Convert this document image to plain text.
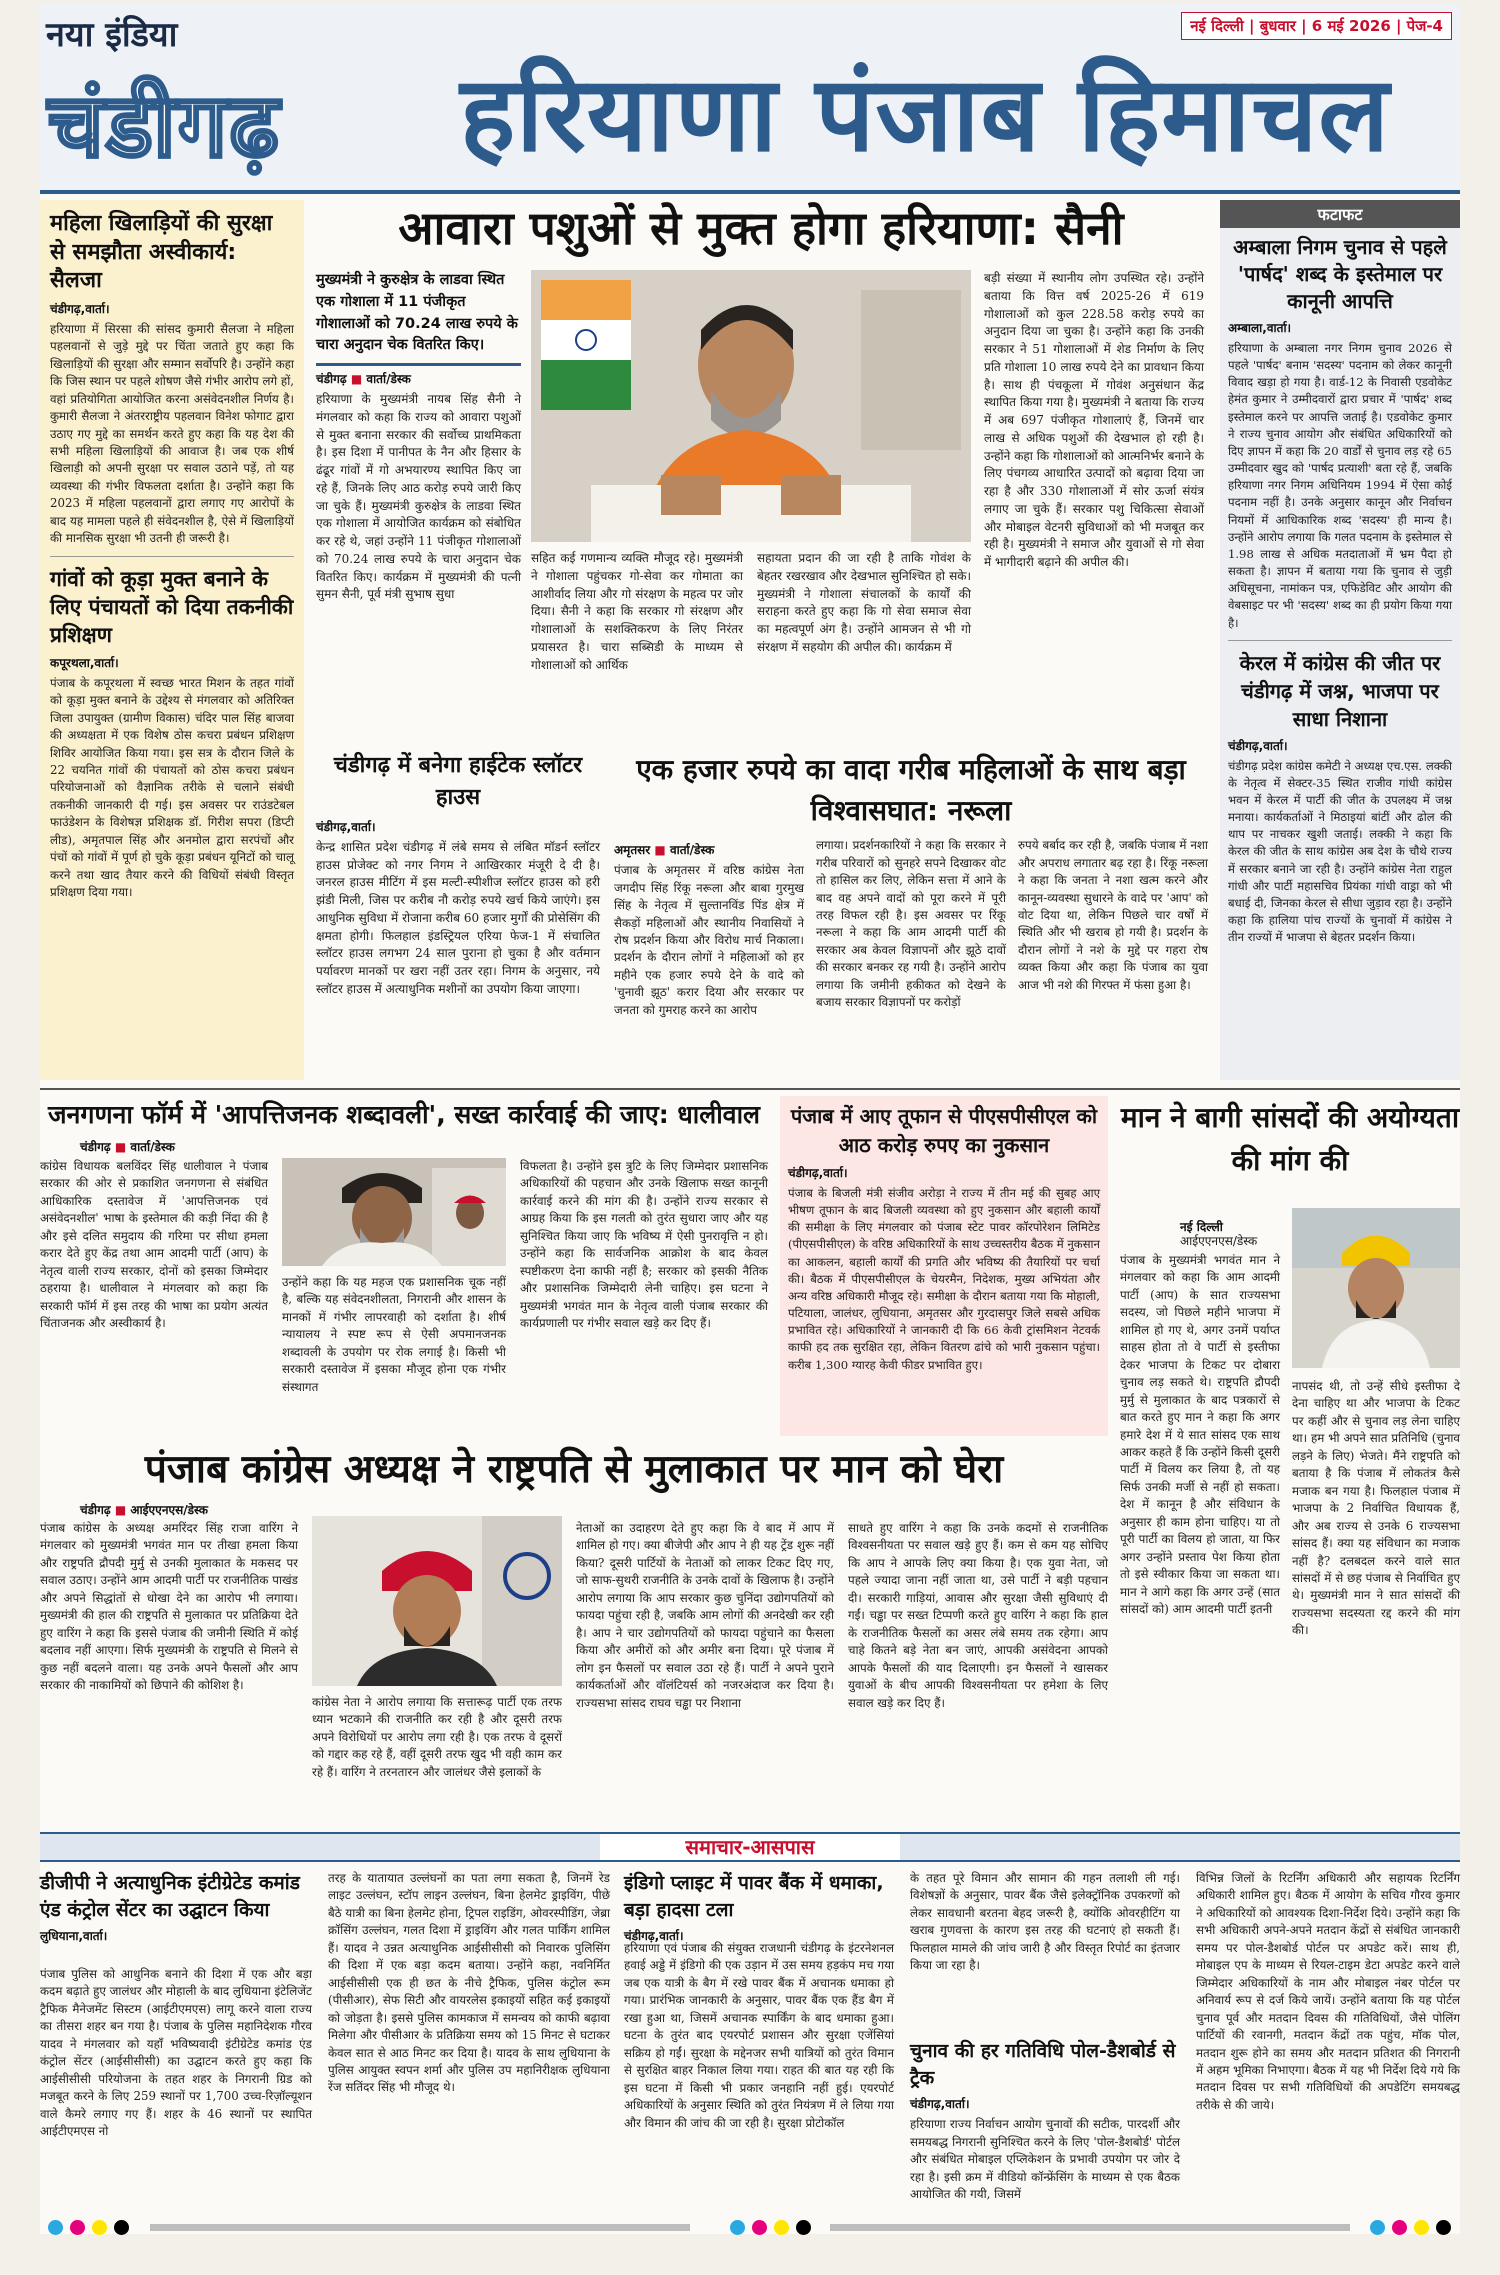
नया इंडिया
चंडीगढ़	हरियाणा पंजाब हिमाचल
नई दिल्ली | बुधवार | 6 मई 2026 | पेज-4
महिला खिलाड़ियों की सुरक्षा से समझौता अस्वीकार्य: सैलजा
चंडीगढ़,वार्ता।
हरियाणा में सिरसा की सांसद कुमारी सैलजा ने महिला पहलवानों से जुड़े मुद्दे पर चिंता जताते हुए कहा कि खिलाड़ियों की सुरक्षा और सम्मान सर्वोपरि है। उन्होंने कहा कि जिस स्थान पर पहले शोषण जैसे गंभीर आरोप लगे हों, वहां प्रतियोगिता आयोजित करना असंवेदनशील निर्णय है। कुमारी सैलजा ने अंतरराष्ट्रीय पहलवान विनेश फोगाट द्वारा उठाए गए मुद्दे का समर्थन करते हुए कहा कि यह देश की सभी महिला खिलाड़ियों की आवाज है। जब एक शीर्ष खिलाड़ी को अपनी सुरक्षा पर सवाल उठाने पड़ें, तो यह व्यवस्था की गंभीर विफलता दर्शाता है। उन्होंने कहा कि 2023 में महिला पहलवानों द्वारा लगाए गए आरोपों के बाद यह मामला पहले ही संवेदनशील है, ऐसे में खिलाड़ियों की मानसिक सुरक्षा भी उतनी ही जरूरी है।
गांवों को कूड़ा मुक्त बनाने के लिए पंचायतों को दिया तकनीकी प्रशिक्षण
कपूरथला,वार्ता।
पंजाब के कपूरथला में स्वच्छ भारत मिशन के तहत गांवों को कूड़ा मुक्त बनाने के उद्देश्य से मंगलवार को अतिरिक्त जिला उपायुक्त (ग्रामीण विकास) चंदिर पाल सिंह बाजवा की अध्यक्षता में एक विशेष ठोस कचरा प्रबंधन प्रशिक्षण शिविर आयोजित किया गया। इस सत्र के दौरान जिले के 22 चयनित गांवों की पंचायतों को ठोस कचरा प्रबंधन परियोजनाओं को वैज्ञानिक तरीके से चलाने संबंधी तकनीकी जानकारी दी गई। इस अवसर पर राउंडटेबल फाउंडेशन के विशेषज्ञ प्रशिक्षक डॉ. गिरीश सपरा (डिप्टी लीड), अमृतपाल सिंह और अनमोल द्वारा सरपंचों और पंचों को गांवों में पूर्ण हो चुके कूड़ा प्रबंधन यूनिटों को चालू करने तथा खाद तैयार करने की विधियों संबंधी विस्तृत प्रशिक्षण दिया गया।
आवारा पशुओं से मुक्त होगा हरियाणा: सैनी
मुख्यमंत्री ने कुरुक्षेत्र के लाडवा स्थित एक गोशाला में 11 पंजीकृत गोशालाओं को 70.24 लाख रुपये के चारा अनुदान चेक वितरित किए।
चंडीगढ़ ■ वार्ता/डेस्क
हरियाणा के मुख्यमंत्री नायब सिंह सैनी ने मंगलवार को कहा कि राज्य को आवारा पशुओं से मुक्त बनाना सरकार की सर्वोच्च प्राथमिकता है। इस दिशा में पानीपत के नैन और हिसार के ढंढूर गांवों में गो अभयारण्य स्थापित किए जा रहे हैं, जिनके लिए आठ करोड़ रुपये जारी किए जा चुके हैं। मुख्यमंत्री कुरुक्षेत्र के लाडवा स्थित एक गोशाला में आयोजित कार्यक्रम को संबोधित कर रहे थे, जहां उन्होंने 11 पंजीकृत गोशालाओं को 70.24 लाख रुपये के चारा अनुदान चेक वितरित किए। कार्यक्रम में मुख्यमंत्री की पत्नी सुमन सैनी, पूर्व मंत्री सुभाष सुधा
सहित कई गणमान्य व्यक्ति मौजूद रहे। मुख्यमंत्री ने गोशाला पहुंचकर गो-सेवा कर गोमाता का आशीर्वाद लिया और गो संरक्षण के महत्व पर जोर दिया। सैनी ने कहा कि सरकार गो संरक्षण और गोशालाओं के सशक्तिकरण के लिए निरंतर प्रयासरत है। चारा सब्सिडी के माध्यम से गोशालाओं को आर्थिक
सहायता प्रदान की जा रही है ताकि गोवंश के बेहतर रखरखाव और देखभाल सुनिश्चित हो सके। मुख्यमंत्री ने गोशाला संचालकों के कार्यों की सराहना करते हुए कहा कि गो सेवा समाज सेवा का महत्वपूर्ण अंग है। उन्होंने आमजन से भी गो संरक्षण में सहयोग की अपील की। कार्यक्रम में
बड़ी संख्या में स्थानीय लोग उपस्थित रहे। उन्होंने बताया कि वित्त वर्ष 2025-26 में 619 गोशालाओं को कुल 228.58 करोड़ रुपये का अनुदान दिया जा चुका है। उन्होंने कहा कि उनकी सरकार ने 51 गोशालाओं में शेड निर्माण के लिए प्रति गोशाला 10 लाख रुपये देने का प्रावधान किया है। साथ ही पंचकूला में गोवंश अनुसंधान केंद्र स्थापित किया गया है। मुख्यमंत्री ने बताया कि राज्य में अब 697 पंजीकृत गोशालाएं हैं, जिनमें चार लाख से अधिक पशुओं की देखभाल हो रही है। उन्होंने कहा कि गोशालाओं को आत्मनिर्भर बनाने के लिए पंचगव्य आधारित उत्पादों को बढ़ावा दिया जा रहा है और 330 गोशालाओं में सोर ऊर्जा संयंत्र लगाए जा चुके हैं। सरकार पशु चिकित्सा सेवाओं और मोबाइल वेटनरी सुविधाओं को भी मजबूत कर रही है। मुख्यमंत्री ने समाज और युवाओं से गो सेवा में भागीदारी बढ़ाने की अपील की।
चंडीगढ़ में बनेगा हाईटेक स्लॉटर हाउस
चंडीगढ़,वार्ता।
केन्द्र शासित प्रदेश चंडीगढ़ में लंबे समय से लंबित मॉडर्न स्लॉटर हाउस प्रोजेक्ट को नगर निगम ने आखिरकार मंजूरी दे दी है। जनरल हाउस मीटिंग में इस मल्टी-स्पीशीज स्लॉटर हाउस को हरी झंडी मिली, जिस पर करीब नौ करोड़ रुपये खर्च किये जाएंगे। इस आधुनिक सुविधा में रोजाना करीब 60 हजार मुर्गों की प्रोसेसिंग की क्षमता होगी। फिलहाल इंडस्ट्रियल एरिया फेज-1 में संचालित स्लॉटर हाउस लगभग 24 साल पुराना हो चुका है और वर्तमान पर्यावरण मानकों पर खरा नहीं उतर रहा। निगम के अनुसार, नये स्लॉटर हाउस में अत्याधुनिक मशीनों का उपयोग किया जाएगा।
एक हजार रुपये का वादा गरीब महिलाओं के साथ बड़ा विश्वासघात: नरूला
अमृतसर ■ वार्ता/डेस्क
पंजाब के अमृतसर में वरिष्ठ कांग्रेस नेता जगदीप सिंह रिंकू नरूला और बाबा गुरमुख सिंह के नेतृत्व में सुल्तानविंड पिंड क्षेत्र में सैकड़ों महिलाओं और स्थानीय निवासियों ने रोष प्रदर्शन किया और विरोध मार्च निकाला। प्रदर्शन के दौरान लोगों ने महिलाओं को हर महीने एक हजार रुपये देने के वादे को 'चुनावी झूठ' करार दिया और सरकार पर जनता को गुमराह करने का आरोप
लगाया। प्रदर्शनकारियों ने कहा कि सरकार ने गरीब परिवारों को सुनहरे सपने दिखाकर वोट तो हासिल कर लिए, लेकिन सत्ता में आने के बाद वह अपने वादों को पूरा करने में पूरी तरह विफल रही है। इस अवसर पर रिंकू नरूला ने कहा कि आम आदमी पार्टी की सरकार अब केवल विज्ञापनों और झूठे दावों की सरकार बनकर रह गयी है। उन्होंने आरोप लगाया कि जमीनी हकीकत को देखने के बजाय सरकार विज्ञापनों पर करोड़ों
रुपये बर्बाद कर रही है, जबकि पंजाब में नशा और अपराध लगातार बढ़ रहा है। रिंकू नरूला ने कहा कि जनता ने नशा खत्म करने और कानून-व्यवस्था सुधारने के वादे पर 'आप' को वोट दिया था, लेकिन पिछले चार वर्षों में स्थिति और भी खराब हो गयी है। प्रदर्शन के दौरान लोगों ने नशे के मुद्दे पर गहरा रोष व्यक्त किया और कहा कि पंजाब का युवा आज भी नशे की गिरफ्त में फंसा हुआ है।
फटाफट
अम्बाला निगम चुनाव से पहले 'पार्षद' शब्द के इस्तेमाल पर कानूनी आपत्ति
अम्बाला,वार्ता।
हरियाणा के अम्बाला नगर निगम चुनाव 2026 से पहले 'पार्षद' बनाम 'सदस्य' पदनाम को लेकर कानूनी विवाद खड़ा हो गया है। वार्ड-12 के निवासी एडवोकेट हेमंत कुमार ने उम्मीदवारों द्वारा प्रचार में 'पार्षद' शब्द इस्तेमाल करने पर आपत्ति जताई है। एडवोकेट कुमार ने राज्य चुनाव आयोग और संबंधित अधिकारियों को दिए ज्ञापन में कहा कि 20 वार्डों से चुनाव लड़ रहे 65 उम्मीदवार खुद को 'पार्षद प्रत्याशी' बता रहे हैं, जबकि हरियाणा नगर निगम अधिनियम 1994 में ऐसा कोई पदनाम नहीं है। उनके अनुसार कानून और निर्वाचन नियमों में आधिकारिक शब्द 'सदस्य' ही मान्य है। उन्होंने आरोप लगाया कि गलत पदनाम के इस्तेमाल से 1.98 लाख से अधिक मतदाताओं में भ्रम पैदा हो सकता है। ज्ञापन में बताया गया कि चुनाव से जुड़ी अधिसूचना, नामांकन पत्र, एफिडेविट और आयोग की वेबसाइट पर भी 'सदस्य' शब्द का ही प्रयोग किया गया है।
केरल में कांग्रेस की जीत पर चंडीगढ़ में जश्न, भाजपा पर साधा निशाना
चंडीगढ़,वार्ता।
चंडीगढ़ प्रदेश कांग्रेस कमेटी ने अध्यक्ष एच.एस. लक्की के नेतृत्व में सेक्टर-35 स्थित राजीव गांधी कांग्रेस भवन में केरल में पार्टी की जीत के उपलक्ष्य में जश्न मनाया। कार्यकर्ताओं ने मिठाइयां बांटीं और ढोल की थाप पर नाचकर खुशी जताई। लक्की ने कहा कि केरल की जीत के साथ कांग्रेस अब देश के चौथे राज्य में सरकार बनाने जा रही है। उन्होंने कांग्रेस नेता राहुल गांधी और पार्टी महासचिव प्रियंका गांधी वाड्रा को भी बधाई दी, जिनका केरल से सीधा जुड़ाव रहा है। उन्होंने कहा कि हालिया पांच राज्यों के चुनावों में कांग्रेस ने तीन राज्यों में भाजपा से बेहतर प्रदर्शन किया।
जनगणना फॉर्म में 'आपत्तिजनक शब्दावली', सख्त कार्रवाई की जाए: धालीवाल
चंडीगढ़ ■ वार्ता/डेस्क
कांग्रेस विधायक बलविंदर सिंह धालीवाल ने पंजाब सरकार की ओर से प्रकाशित जनगणना से संबंधित आधिकारिक दस्तावेज में 'आपत्तिजनक एवं असंवेदनशील' भाषा के इस्तेमाल की कड़ी निंदा की है और इसे दलित समुदाय की गरिमा पर सीधा हमला करार देते हुए केंद्र तथा आम आदमी पार्टी (आप) के नेतृत्व वाली राज्य सरकार, दोनों को इसका जिम्मेदार ठहराया है। धालीवाल ने मंगलवार को कहा कि सरकारी फॉर्म में इस तरह की भाषा का प्रयोग अत्यंत चिंताजनक और अस्वीकार्य है।
उन्होंने कहा कि यह महज एक प्रशासनिक चूक नहीं है, बल्कि यह संवेदनशीलता, निगरानी और शासन के मानकों में गंभीर लापरवाही को दर्शाता है। शीर्ष न्यायालय ने स्पष्ट रूप से ऐसी अपमानजनक शब्दावली के उपयोग पर रोक लगाई है। किसी भी सरकारी दस्तावेज में इसका मौजूद होना एक गंभीर संस्थागत
विफलता है। उन्होंने इस त्रुटि के लिए जिम्मेदार प्रशासनिक अधिकारियों की पहचान और उनके खिलाफ सख्त कानूनी कार्रवाई करने की मांग की है। उन्होंने राज्य सरकार से आग्रह किया कि इस गलती को तुरंत सुधारा जाए और यह सुनिश्चित किया जाए कि भविष्य में ऐसी पुनरावृत्ति न हो। उन्होंने कहा कि सार्वजनिक आक्रोश के बाद केवल स्पष्टीकरण देना काफी नहीं है; सरकार को इसकी नैतिक और प्रशासनिक जिम्मेदारी लेनी चाहिए। इस घटना ने मुख्यमंत्री भगवंत मान के नेतृत्व वाली पंजाब सरकार की कार्यप्रणाली पर गंभीर सवाल खड़े कर दिए हैं।
पंजाब में आए तूफान से पीएसपीसीएल को आठ करोड़ रुपए का नुकसान
चंडीगढ़,वार्ता।
पंजाब के बिजली मंत्री संजीव अरोड़ा ने राज्य में तीन मई की सुबह आए भीषण तूफान के बाद बिजली व्यवस्था को हुए नुकसान और बहाली कार्यों की समीक्षा के लिए मंगलवार को पंजाब स्टेट पावर कॉरपोरेशन लिमिटेड (पीएसपीसीएल) के वरिष्ठ अधिकारियों के साथ उच्चस्तरीय बैठक में नुकसान का आकलन, बहाली कार्यों की प्रगति और भविष्य की तैयारियों पर चर्चा की। बैठक में पीएसपीसीएल के चेयरमैन, निदेशक, मुख्य अभियंता और अन्य वरिष्ठ अधिकारी मौजूद रहे। समीक्षा के दौरान बताया गया कि मोहाली, पटियाला, जालंधर, लुधियाना, अमृतसर और गुरदासपुर जिले सबसे अधिक प्रभावित रहे। अधिकारियों ने जानकारी दी कि 66 केवी ट्रांसमिशन नेटवर्क काफी हद तक सुरक्षित रहा, लेकिन वितरण ढांचे को भारी नुकसान पहुंचा। करीब 1,300 ग्यारह केवी फीडर प्रभावित हुए।
मान ने बागी सांसदों की अयोग्यता की मांग की
नई दिल्ली
आईएएनएस/डेस्क
पंजाब के मुख्यमंत्री भगवंत मान ने मंगलवार को कहा कि आम आदमी पार्टी (आप) के सात राज्यसभा सदस्य, जो पिछले महीने भाजपा में शामिल हो गए थे, अगर उनमें पर्याप्त साहस होता तो वे पार्टी से इस्तीफा देकर भाजपा के टिकट पर दोबारा चुनाव लड़ सकते थे। राष्ट्रपति द्रौपदी मुर्मु से मुलाकात के बाद पत्रकारों से बात करते हुए मान ने कहा कि अगर हमारे देश में ये सात सांसद एक साथ आकर कहते हैं कि उन्होंने किसी दूसरी पार्टी में विलय कर लिया है, तो यह सिर्फ उनकी मर्जी से नहीं हो सकता। देश में कानून है और संविधान के अनुसार ही काम होना चाहिए। या तो पूरी पार्टी का विलय हो जाता, या फिर अगर उन्होंने प्रस्ताव पेश किया होता तो इसे स्वीकार किया जा सकता था। मान ने आगे कहा कि अगर उन्हें (सात सांसदों को) आम आदमी पार्टी इतनी
नापसंद थी, तो उन्हें सीधे इस्तीफा दे देना चाहिए था और भाजपा के टिकट पर कहीं और से चुनाव लड़ लेना चाहिए था। हम भी अपने सात प्रतिनिधि (चुनाव लड़ने के लिए) भेजते। मैंने राष्ट्रपति को बताया है कि पंजाब में लोकतंत्र कैसे मजाक बन गया है। फिलहाल पंजाब में भाजपा के 2 निर्वाचित विधायक हैं, और अब राज्य से उनके 6 राज्यसभा सांसद हैं। क्या यह संविधान का मजाक नहीं है? दलबदल करने वाले सात सांसदों में से छह पंजाब से निर्वाचित हुए थे। मुख्यमंत्री मान ने सात सांसदों की राज्यसभा सदस्यता रद्द करने की मांग की।
पंजाब कांग्रेस अध्यक्ष ने राष्ट्रपति से मुलाकात पर मान को घेरा
चंडीगढ़ ■ आईएएनएस/डेस्क
पंजाब कांग्रेस के अध्यक्ष अमरिंदर सिंह राजा वारिंग ने मंगलवार को मुख्यमंत्री भगवंत मान पर तीखा हमला किया और राष्ट्रपति द्रौपदी मुर्मु से उनकी मुलाकात के मकसद पर सवाल उठाए। उन्होंने आम आदमी पार्टी पर राजनीतिक पाखंड और अपने सिद्धांतों से धोखा देने का आरोप भी लगाया। मुख्यमंत्री की हाल की राष्ट्रपति से मुलाकात पर प्रतिक्रिया देते हुए वारिंग ने कहा कि इससे पंजाब की जमीनी स्थिति में कोई बदलाव नहीं आएगा। सिर्फ मुख्यमंत्री के राष्ट्रपति से मिलने से कुछ नहीं बदलने वाला। यह उनके अपने फैसलों और आप सरकार की नाकामियों को छिपाने की कोशिश है।
कांग्रेस नेता ने आरोप लगाया कि सत्तारूढ़ पार्टी एक तरफ ध्यान भटकाने की राजनीति कर रही है और दूसरी तरफ अपने विरोधियों पर आरोप लगा रही है। एक तरफ वे दूसरों को गद्दार कह रहे हैं, वहीं दूसरी तरफ खुद भी वही काम कर रहे हैं। वारिंग ने तरनतारन और जालंधर जैसे इलाकों के
नेताओं का उदाहरण देते हुए कहा कि वे बाद में आप में शामिल हो गए। क्या बीजेपी और आप ने ही यह ट्रेंड शुरू नहीं किया? दूसरी पार्टियों के नेताओं को लाकर टिकट दिए गए, जो साफ-सुथरी राजनीति के उनके दावों के खिलाफ है। उन्होंने आरोप लगाया कि आप सरकार कुछ चुनिंदा उद्योगपतियों को फायदा पहुंचा रही है, जबकि आम लोगों की अनदेखी कर रही है। आप ने चार उद्योगपतियों को फायदा पहुंचाने का फैसला किया और अमीरों को और अमीर बना दिया। पूरे पंजाब में लोग इन फैसलों पर सवाल उठा रहे हैं। पार्टी ने अपने पुराने कार्यकर्ताओं और वॉलंटियर्स को नजरअंदाज कर दिया है। राज्यसभा सांसद राघव चड्ढा पर निशाना
साधते हुए वारिंग ने कहा कि उनके कदमों से राजनीतिक विश्वसनीयता पर सवाल खड़े हुए हैं। कम से कम यह सोचिए कि आप ने आपके लिए क्या किया है। एक युवा नेता, जो पहले ज्यादा जाना नहीं जाता था, उसे पार्टी ने बड़ी पहचान दी। सरकारी गाड़ियां, आवास और सुरक्षा जैसी सुविधाएं दी गईं। चड्ढा पर सख्त टिप्पणी करते हुए वारिंग ने कहा कि हाल के राजनीतिक फैसलों का असर लंबे समय तक रहेगा। आप चाहे कितने बड़े नेता बन जाएं, आपकी असंवेदना आपको आपके फैसलों की याद दिलाएगी। इन फैसलों ने खासकर युवाओं के बीच आपकी विश्वसनीयता पर हमेशा के लिए सवाल खड़े कर दिए हैं।
समाचार-आसपास
डीजीपी ने अत्याधुनिक इंटीग्रेटेड कमांड एंड कंट्रोल सेंटर का उद्घाटन किया
लुधियाना,वार्ता।
पंजाब पुलिस को आधुनिक बनाने की दिशा में एक और बड़ा कदम बढ़ाते हुए जालंधर और मोहाली के बाद लुधियाना इंटेलिजेंट ट्रैफिक मैनेजमेंट सिस्टम (आईटीएमएस) लागू करने वाला राज्य का तीसरा शहर बन गया है। पंजाब के पुलिस महानिदेशक गौरव यादव ने मंगलवार को यहाँ भविष्यवादी इंटीग्रेटेड कमांड एंड कंट्रोल सेंटर (आईसीसीसी) का उद्घाटन करते हुए कहा कि आईसीसीसी परियोजना के तहत शहर के निगरानी ग्रिड को मजबूत करने के लिए 259 स्थानों पर 1,700 उच्च-रिज़ॉल्यूशन वाले कैमरे लगाए गए हैं। शहर के 46 स्थानों पर स्थापित आईटीएमएस नो
तरह के यातायात उल्लंघनों का पता लगा सकता है, जिनमें रेड लाइट उल्लंघन, स्टॉप लाइन उल्लंघन, बिना हेलमेट ड्राइविंग, पीछे बैठे यात्री का बिना हेलमेट होना, ट्रिपल राइडिंग, ओवरस्पीडिंग, जेब्रा क्रॉसिंग उल्लंघन, गलत दिशा में ड्राइविंग और गलत पार्किंग शामिल हैं। यादव ने उन्नत अत्याधुनिक आईसीसीसी को निवारक पुलिसिंग की दिशा में एक बड़ा कदम बताया। उन्होंने कहा, नवनिर्मित आईसीसीसी एक ही छत के नीचे ट्रैफिक, पुलिस कंट्रोल रूम (पीसीआर), सेफ सिटी और वायरलेस इकाइयों सहित कई इकाइयों को जोड़ता है। इससे पुलिस कामकाज में समन्वय को काफी बढ़ावा मिलेगा और पीसीआर के प्रतिक्रिया समय को 15 मिनट से घटाकर केवल सात से आठ मिनट कर दिया है। यादव के साथ लुधियाना के पुलिस आयुक्त स्वपन शर्मा और पुलिस उप महानिरीक्षक लुधियाना रेंज सतिंदर सिंह भी मौजूद थे।
इंडिगो प्लाइट में पावर बैंक में धमाका, बड़ा हादसा टला
चंडीगढ़,वार्ता।
हरियाणा एवं पंजाब की संयुक्त राजधानी चंडीगढ़ के इंटरनेशनल हवाई अड्डे में इंडिगो की एक उड़ान में उस समय हड़कंप मच गया जब एक यात्री के बैग में रखे पावर बैंक में अचानक धमाका हो गया। प्रारंभिक जानकारी के अनुसार, पावर बैंक एक हैंड बैग में रखा हुआ था, जिसमें अचानक स्पार्किंग के बाद धमाका हुआ। घटना के तुरंत बाद एयरपोर्ट प्रशासन और सुरक्षा एजेंसियां सक्रिय हो गईं। सुरक्षा के मद्देनजर सभी यात्रियों को तुरंत विमान से सुरक्षित बाहर निकाल लिया गया। राहत की बात यह रही कि इस घटना में किसी भी प्रकार जनहानि नहीं हुई। एयरपोर्ट अधिकारियों के अनुसार स्थिति को तुरंत नियंत्रण में ले लिया गया और विमान की जांच की जा रही है। सुरक्षा प्रोटोकॉल
के तहत पूरे विमान और सामान की गहन तलाशी ली गई। विशेषज्ञों के अनुसार, पावर बैंक जैसे इलेक्ट्रॉनिक उपकरणों को लेकर सावधानी बरतना बेहद जरूरी है, क्योंकि ओवरहीटिंग या खराब गुणवत्ता के कारण इस तरह की घटनाएं हो सकती हैं। फिलहाल मामले की जांच जारी है और विस्तृत रिपोर्ट का इंतजार किया जा रहा है।
चुनाव की हर गतिविधि पोल-डैशबोर्ड से ट्रैक
चंडीगढ़,वार्ता।
हरियाणा राज्य निर्वाचन आयोग चुनावों की सटीक, पारदर्शी और समयबद्ध निगरानी सुनिश्चित करने के लिए 'पोल-डैशबोर्ड' पोर्टल और संबंधित मोबाइल एप्लिकेशन के प्रभावी उपयोग पर जोर दे रहा है। इसी क्रम में वीडियो कॉन्फ्रेंसिंग के माध्यम से एक बैठक आयोजित की गयी, जिसमें
विभिन्न जिलों के रिटर्निंग अधिकारी और सहायक रिटर्निंग अधिकारी शामिल हुए। बैठक में आयोग के सचिव गौरव कुमार ने अधिकारियों को आवश्यक दिशा-निर्देश दिये। उन्होंने कहा कि सभी अधिकारी अपने-अपने मतदान केंद्रों से संबंधित जानकारी समय पर पोल-डैशबोर्ड पोर्टल पर अपडेट करें। साथ ही, मोबाइल एप के माध्यम से रियल-टाइम डेटा अपडेट करने वाले जिम्मेदार अधिकारियों के नाम और मोबाइल नंबर पोर्टल पर अनिवार्य रूप से दर्ज किये जायें। उन्होंने बताया कि यह पोर्टल चुनाव पूर्व और मतदान दिवस की गतिविधियों, जैसे पोलिंग पार्टियों की रवानगी, मतदान केंद्रों तक पहुंच, मॉक पोल, मतदान शुरू होने का समय और मतदान प्रतिशत की निगरानी में अहम भूमिका निभाएगा। बैठक में यह भी निर्देश दिये गये कि मतदान दिवस पर सभी गतिविधियों की अपडेटिंग समयबद्ध तरीके से की जाये।
